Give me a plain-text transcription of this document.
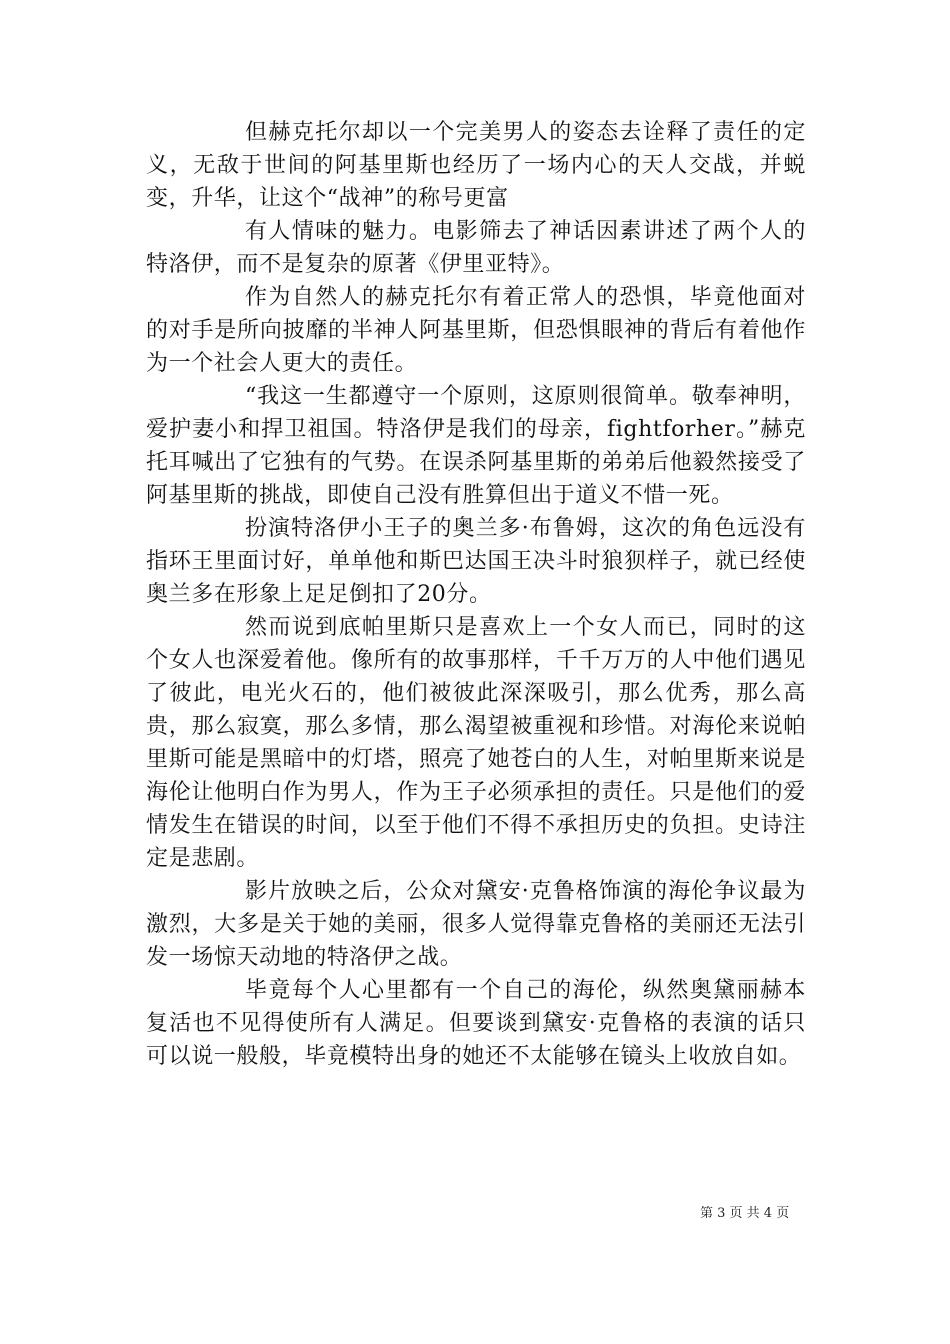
但赫克托尔却以一个完美男人的姿态去诠释了责任的定义，无敌于世间的阿基里斯也经历了一场内心的天人交战，并蜕变，升华，让这个“战神”的称号更富

有人情味的魅力。电影筛去了神话因素讲述了两个人的特洛伊，而不是复杂的原著《伊里亚特》。

作为自然人的赫克托尔有着正常人的恐惧，毕竟他面对的对手是所向披靡的半神人阿基里斯，但恐惧眼神的背后有着他作为一个社会人更大的责任。

“我这一生都遵守一个原则，这原则很简单。敬奉神明，爱护妻小和捍卫祖国。特洛伊是我们的母亲，fightforher。”赫克托耳喊出了它独有的气势。在误杀阿基里斯的弟弟后他毅然接受了阿基里斯的挑战，即使自己没有胜算但出于道义不惜一死。

扮演特洛伊小王子的奥兰多·布鲁姆，这次的角色远没有指环王里面讨好，单单他和斯巴达国王决斗时狼狈样子，就已经使奥兰多在形象上足足倒扣了20分。

然而说到底帕里斯只是喜欢上一个女人而已，同时的这个女人也深爱着他。像所有的故事那样，千千万万的人中他们遇见了彼此，电光火石的，他们被彼此深深吸引，那么优秀，那么高贵，那么寂寞，那么多情，那么渴望被重视和珍惜。对海伦来说帕里斯可能是黑暗中的灯塔，照亮了她苍白的人生，对帕里斯来说是海伦让他明白作为男人，作为王子必须承担的责任。只是他们的爱情发生在错误的时间，以至于他们不得不承担历史的负担。史诗注定是悲剧。

影片放映之后，公众对黛安·克鲁格饰演的海伦争议最为激烈，大多是关于她的美丽，很多人觉得靠克鲁格的美丽还无法引发一场惊天动地的特洛伊之战。

毕竟每个人心里都有一个自己的海伦，纵然奥黛丽赫本复活也不见得使所有人满足。但要谈到黛安·克鲁格的表演的话只可以说一般般，毕竟模特出身的她还不太能够在镜头上收放自如。

第 3 页 共 4 页
